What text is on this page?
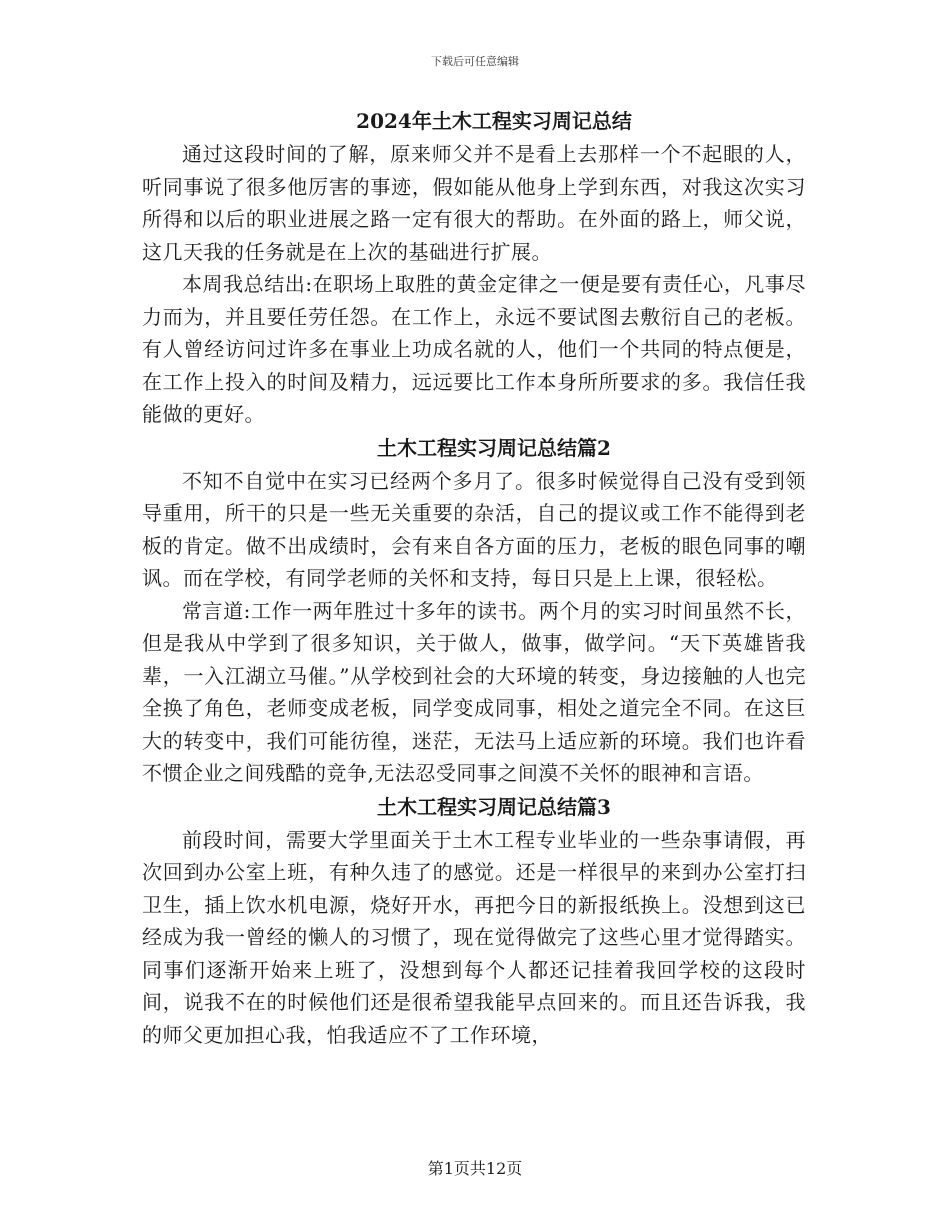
下载后可任意编辑
2024年土木工程实习周记总结

通过这段时间的了解，原来师父并不是看上去那样一个不起眼的人，听同事说了很多他厉害的事迹，假如能从他身上学到东西，对我这次实习所得和以后的职业进展之路一定有很大的帮助。在外面的路上，师父说，这几天我的任务就是在上次的基础进行扩展。

本周我总结出:在职场上取胜的黄金定律之一便是要有责任心，凡事尽力而为，并且要任劳任怨。在工作上，永远不要试图去敷衍自己的老板。有人曾经访问过许多在事业上功成名就的人，他们一个共同的特点便是，在工作上投入的时间及精力，远远要比工作本身所所要求的多。我信任我能做的更好。

土木工程实习周记总结篇2

不知不自觉中在实习已经两个多月了。很多时候觉得自己没有受到领导重用，所干的只是一些无关重要的杂活，自己的提议或工作不能得到老板的肯定。做不出成绩时，会有来自各方面的压力，老板的眼色同事的嘲讽。而在学校，有同学老师的关怀和支持，每日只是上上课，很轻松。

常言道:工作一两年胜过十多年的读书。两个月的实习时间虽然不长，但是我从中学到了很多知识，关于做人，做事，做学问。“天下英雄皆我辈，一入江湖立马催。”从学校到社会的大环境的转变，身边接触的人也完全换了角色，老师变成老板，同学变成同事，相处之道完全不同。在这巨大的转变中，我们可能彷徨，迷茫，无法马上适应新的环境。我们也许看不惯企业之间残酷的竞争,无法忍受同事之间漠不关怀的眼神和言语。

土木工程实习周记总结篇3

前段时间，需要大学里面关于土木工程专业毕业的一些杂事请假，再次回到办公室上班，有种久违了的感觉。还是一样很早的来到办公室打扫卫生，插上饮水机电源，烧好开水，再把今日的新报纸换上。没想到这已经成为我一曾经的懒人的习惯了，现在觉得做完了这些心里才觉得踏实。同事们逐渐开始来上班了，没想到每个人都还记挂着我回学校的这段时间，说我不在的时候他们还是很希望我能早点回来的。而且还告诉我，我的师父更加担心我，怕我适应不了工作环境，

第1页共12页
